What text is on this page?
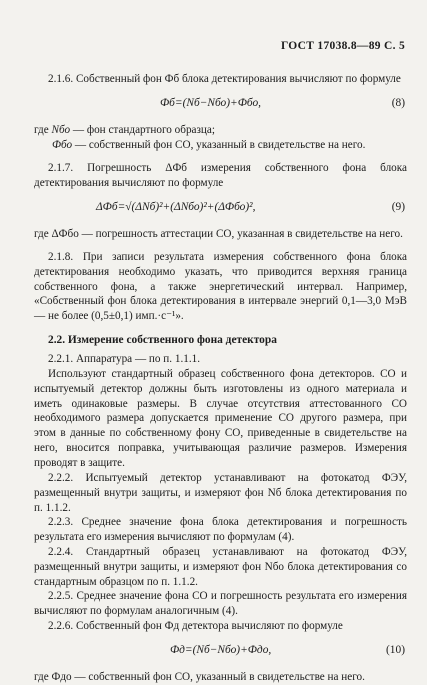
ГОСТ 17038.8—89 С. 5

2.1.6. Собственный фон Фб блока детектирования вычисляют по формуле

Фб=(Nб−Nбо)+Фбо,	(8)
где Nбо — фон стандартного образца;
Фбо — собственный фон СО, указанный в свидетельстве на него.

2.1.7. Погрешность ΔФб измерения собственного фона блока детектирования вычисляют по формуле

ΔФб=√(ΔNб)²+(ΔNбо)²+(ΔФбо)²,	(9)

где ΔФбо — погрешность аттестации СО, указанная в свидетельстве на него.

2.1.8. При записи результата измерения собственного фона блока детектирования необходимо указать, что приводится верхняя граница собственного фона, а также энергетический интервал. Например, «Собственный фон блока детектирования в интервале энергий 0,1—3,0 МэВ — не более (0,5±0,1) имп.·с⁻¹».

2.2. Измерение собственного фона детектора

2.2.1. Аппаратура — по п. 1.1.1.

Используют стандартный образец собственного фона детекторов. СО и испытуемый детектор должны быть изготовлены из одного материала и иметь одинаковые размеры. В случае отсутствия аттестованного СО необходимого размера допускается применение СО другого размера, при этом в данные по собственному фону СО, приведенные в свидетельстве на него, вносится поправка, учитывающая различие размеров. Измерения проводят в защите.

2.2.2. Испытуемый детектор устанавливают на фотокатод ФЭУ, размещенный внутри защиты, и измеряют фон Nб блока детектирования по п. 1.1.2.

2.2.3. Среднее значение фона блока детектирования и погрешность результата его измерения вычисляют по формулам (4).

2.2.4. Стандартный образец устанавливают на фотокатод ФЭУ, размещенный внутри защиты, и измеряют фон Nбо блока детектирования со стандартным образцом по п. 1.1.2.

2.2.5. Среднее значение фона СО и погрешность результата его измерения вычисляют по формулам аналогичным (4).

2.2.6. Собственный фон Фд детектора вычисляют по формуле

Фд=(Nб−Nбо)+Фдо,	(10)

где Фдо — собственный фон СО, указанный в свидетельстве на него.
